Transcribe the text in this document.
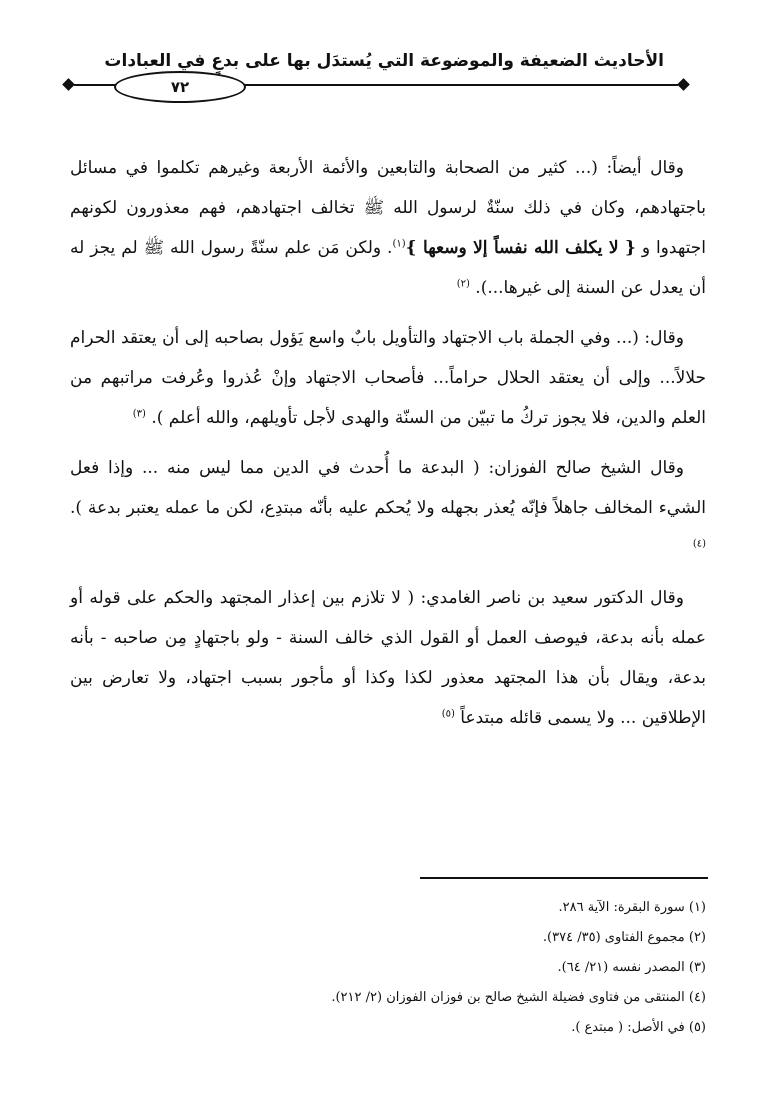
الأحاديث الضعيفة والموضوعة التي يُستدَل بها على بدعٍ في العبادات
٧٢

وقال أيضاً: (... كثير من الصحابة والتابعين والأئمة الأربعة وغيرهم تكلموا في مسائل باجتهادهم، وكان في ذلك سنّةٌ لرسول الله ﷺ تخالف اجتهادهم، فهم معذورون لكونهم اجتهدوا و { لا يكلف الله نفساً إلا وسعها }$^{(١)}$. ولكن مَن علم سنّةً رسول الله ﷺ لم يجز له أن يعدل عن السنة إلى غيرها...). $^{(٢)}$

وقال: (... وفي الجملة باب الاجتهاد والتأويل بابٌ واسع يَؤول بصاحبه إلى أن يعتقد الحرام حلالاً... وإلى أن يعتقد الحلال حراماً... فأصحاب الاجتهاد وإنْ عُذروا وعُرفت مراتبهم من العلم والدين، فلا يجوز تركُ ما تبيّن من السنّة والهدى لأجل تأويلهم، والله أعلم ). $^{(٣)}$

وقال الشيخ صالح الفوزان: ( البدعة ما أُحدث في الدين مما ليس منه ... وإذا فعل الشيء المخالف جاهلاً فإنّه يُعذر بجهله ولا يُحكم عليه بأنّه مبتدِع، لكن ما عمله يعتبر بدعة ). $^{(٤)}$

وقال الدكتور سعيد بن ناصر الغامدي: ( لا تلازم بين إعذار المجتهد والحكم على قوله أو عمله بأنه بدعة، فيوصف العمل أو القول الذي خالف السنة - ولو باجتهادٍ مِن صاحبه - بأنه بدعة، ويقال بأن هذا المجتهد معذور لكذا وكذا أو مأجور بسبب اجتهاد، ولا تعارض بين الإطلاقين ... ولا يسمى قائله مبتدعاً $^{(٥)}$

(١) سورة البقرة: الآية ٢٨٦.
(٢) مجموع الفتاوى (٣٥/ ٣٧٤).
(٣) المصدر نفسه (٢١/ ٦٤).
(٤) المنتقى من فتاوى فضيلة الشيخ صالح بن فوزان الفوزان (٢/ ٢١٢).
(٥) في الأصل: ( مبتدع ).
